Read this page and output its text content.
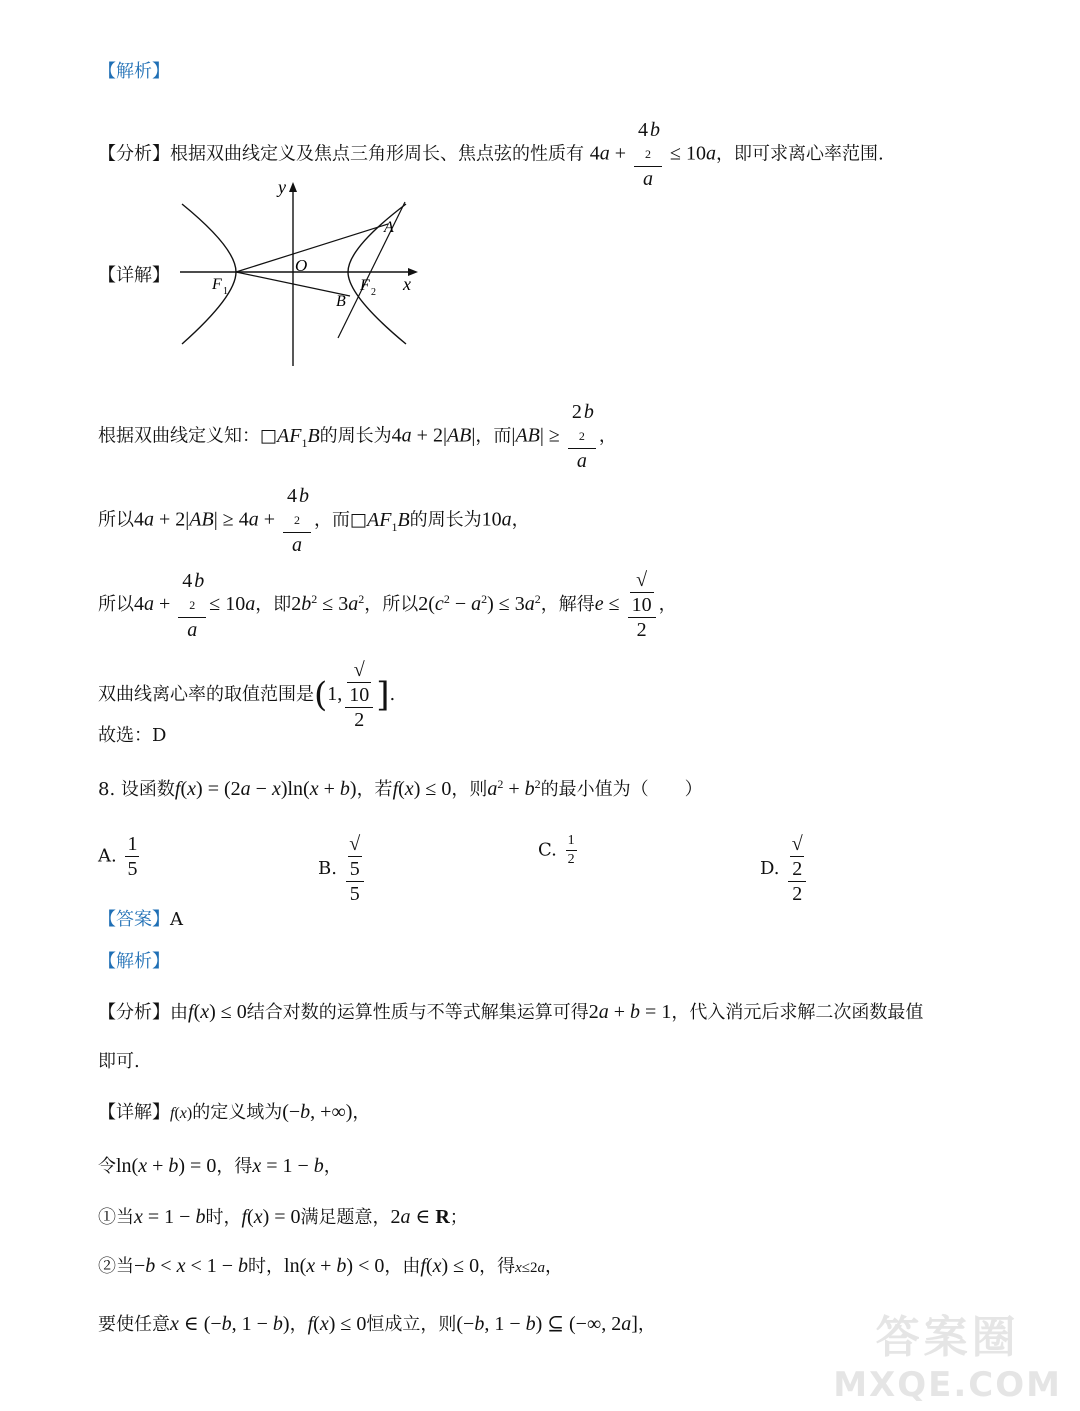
【解析】
【分析】根据双曲线定义及焦点三角形周长、焦点弦的性质有 4a + 4 b
2
a ≤ 10a，即可求离心率范围.
【详解】
y
x
O
A
B
F 1	F 2
根据双曲线定义知：$□AF_1B$的周长为4a + 2|AB|，而|AB| ≥ 2 b
2
a ，
所以4a + 2|AB| ≥ 4a + 4 b
2
a ，而$□AF_1B$的周长为10a，
所以4a + 4 b
2
a ≤ 10a，即$2b^2 \le 3a^2$，所以$2(c^2 - a^2) \le 3a^2$，解得e ≤ √
10
2 ，
双曲线离心率的取值范围是(1, √
10
2 ].
故选：D
8. 设函数f(x) = (2a − x)ln(x + b)，若f(x) ≤ 0，则$a^2 + b^2$的最小值为（　　）
A. $\frac{1}{5}$	B. √
5
5	C. $\frac{1}{2}$	D. √
2
2
【答案】A
【解析】
【分析】由f(x) ≤ 0结合对数的运算性质与不等式解集运算可得2a + b = 1，代入消元后求解二次函数最值
即可.
【详解】f(x)的定义域为(−b, +∞)，
令ln(x + b) = 0，得x = 1 − b，
①当x = 1 − b时，f(x) = 0满足题意，2a ∈ R；
②当−b < x < 1 − b时，ln(x + b) < 0，由f(x) ≤ 0，得x≤2a，
要使任意x ∈ (−b, 1 − b)，f(x) ≤ 0恒成立，则(−b, 1 − b) ⊆ (−∞, 2a]，	答案圈
MXQE.COM
